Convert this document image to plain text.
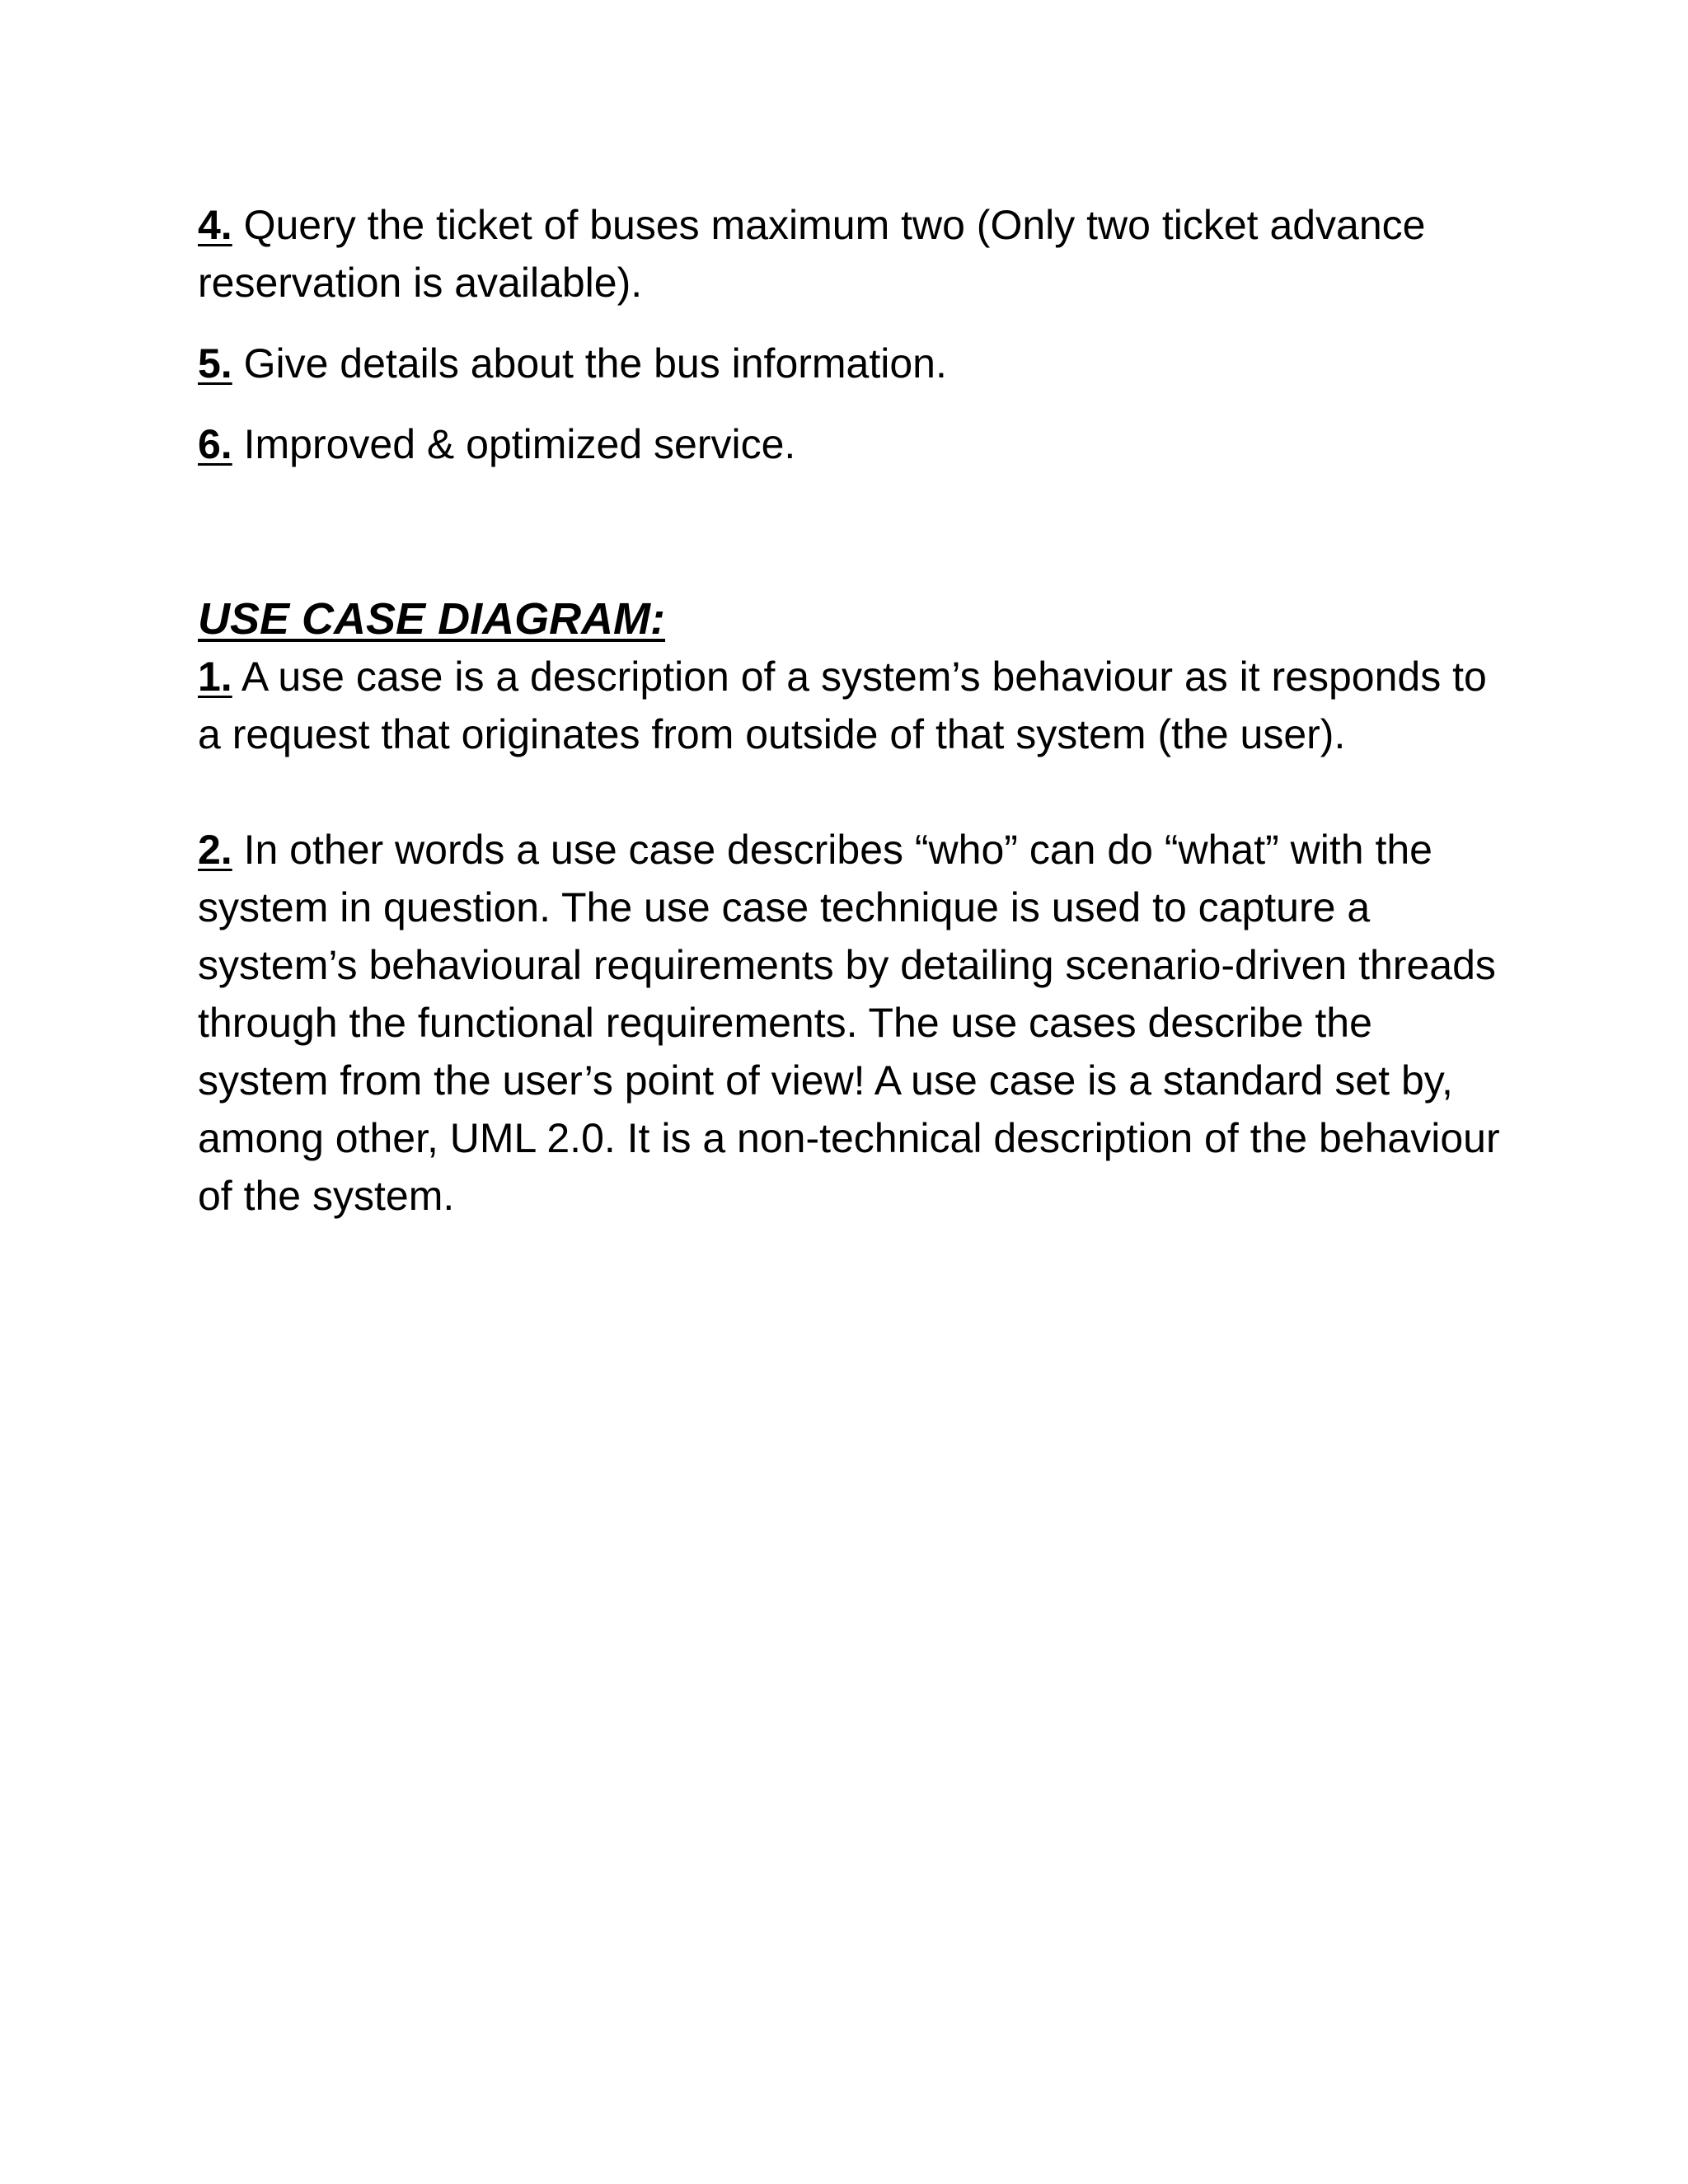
4. Query the ticket of buses maximum two (Only two ticket advance reservation is available).

5. Give details about the bus information.

6. Improved & optimized service.

USE CASE DIAGRAM:

1. A use case is a description of a system’s behaviour as it responds to a request that originates from outside of that system (the user).

2. In other words a use case describes “who” can do “what” with the system in question. The use case technique is used to capture a system’s behavioural requirements by detailing scenario-driven threads through the functional requirements. The use cases describe the system from the user’s point of view! A use case is a standard set by, among other, UML 2.0. It is a non-technical description of the behaviour of the system.
